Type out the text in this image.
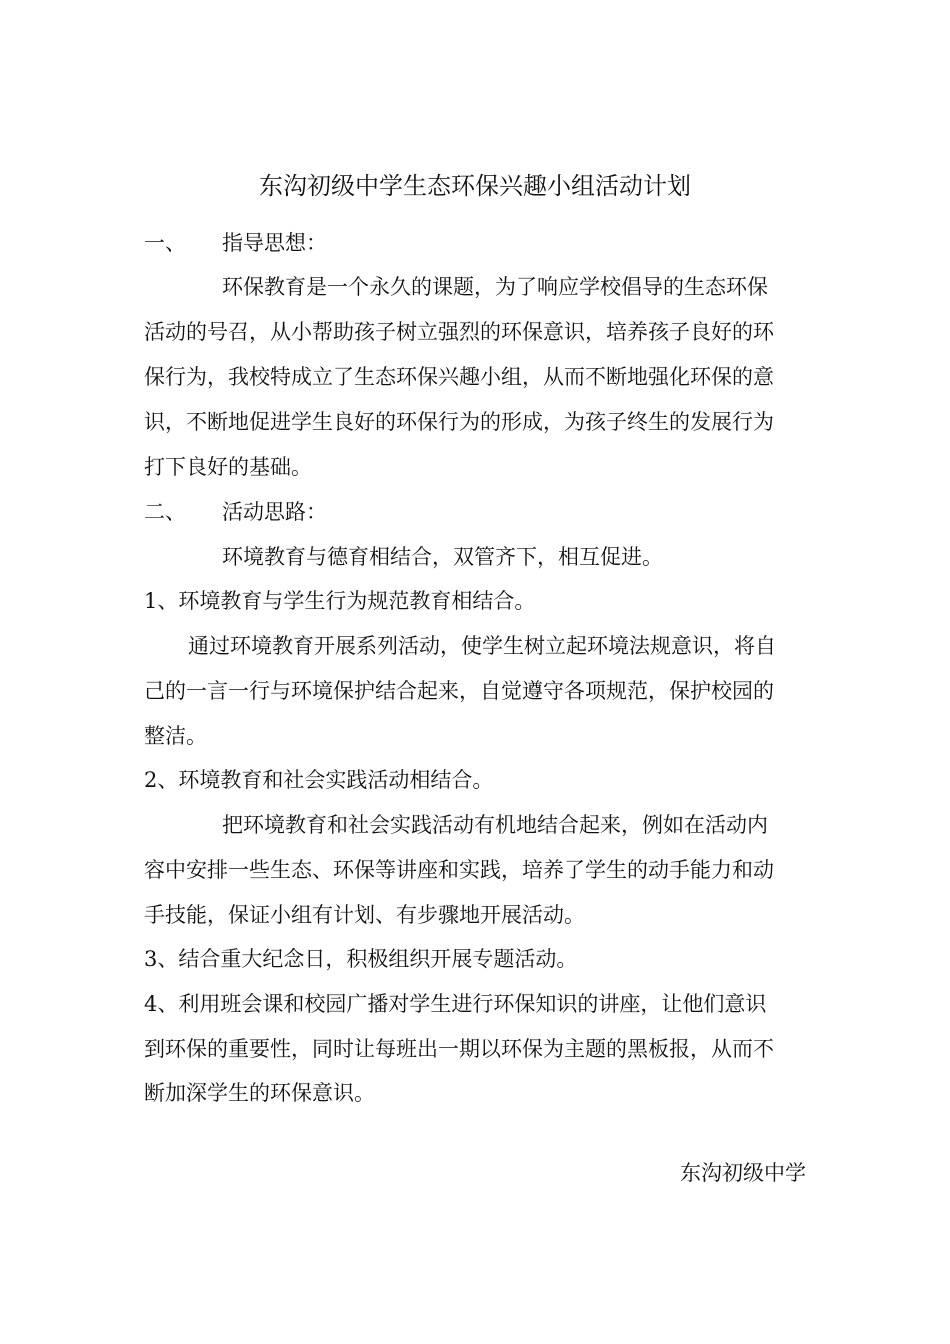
东沟初级中学生态环保兴趣小组活动计划
一、 指导思想：
环保教育是一个永久的课题，为了响应学校倡导的生态环保
活动的号召，从小帮助孩子树立强烈的环保意识，培养孩子良好的环
保行为，我校特成立了生态环保兴趣小组，从而不断地强化环保的意
识，不断地促进学生良好的环保行为的形成，为孩子终生的发展行为
打下良好的基础。
二、 活动思路：
环境教育与德育相结合，双管齐下，相互促进。
1、环境教育与学生行为规范教育相结合。
通过环境教育开展系列活动，使学生树立起环境法规意识，将自
己的一言一行与环境保护结合起来，自觉遵守各项规范，保护校园的
整洁。
2、环境教育和社会实践活动相结合。
把环境教育和社会实践活动有机地结合起来，例如在活动内
容中安排一些生态、环保等讲座和实践，培养了学生的动手能力和动
手技能，保证小组有计划、有步骤地开展活动。
3、结合重大纪念日，积极组织开展专题活动。
4、利用班会课和校园广播对学生进行环保知识的讲座，让他们意识
到环保的重要性，同时让每班出一期以环保为主题的黑板报，从而不
断加深学生的环保意识。
东沟初级中学
